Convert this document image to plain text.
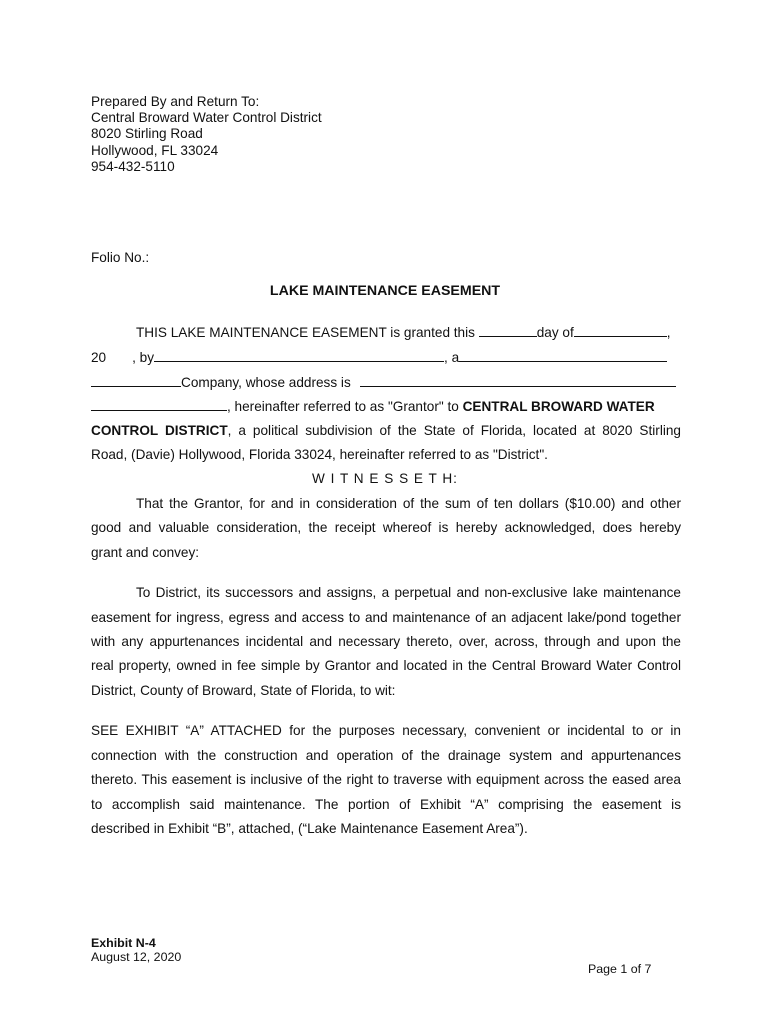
Prepared By and Return To:
Central Broward Water Control District
8020 Stirling Road
Hollywood, FL 33024
954-432-5110
Folio No.:
LAKE MAINTENANCE EASEMENT
THIS LAKE MAINTENANCE EASEMENT is granted this	day of	,
20 , by	, a
Company, whose address is
, hereinafter referred to as "Grantor" to CENTRAL BROWARD WATER
CONTROL DISTRICT, a political subdivision of the State of Florida, located at 8020 Stirling
Road, (Davie) Hollywood, Florida 33024, hereinafter referred to as "District".
W I T N E S S E T H:
That the Grantor, for and in consideration of the sum of ten dollars ($10.00) and other
good and valuable consideration, the receipt whereof is hereby acknowledged, does hereby
grant and convey:
To District, its successors and assigns, a perpetual and non-exclusive lake maintenance
easement for ingress, egress and access to and maintenance of an adjacent lake/pond together
with any appurtenances incidental and necessary thereto, over, across, through and upon the
real property, owned in fee simple by Grantor and located in the Central Broward Water Control
District, County of Broward, State of Florida, to wit:
SEE EXHIBIT “A” ATTACHED for the purposes necessary, convenient or incidental to or in
connection with the construction and operation of the drainage system and appurtenances
thereto. This easement is inclusive of the right to traverse with equipment across the eased area
to accomplish said maintenance. The portion of Exhibit “A” comprising the easement is
described in Exhibit “B”, attached, (“Lake Maintenance Easement Area”).
Exhibit N-4
August 12, 2020
Page 1 of 7
